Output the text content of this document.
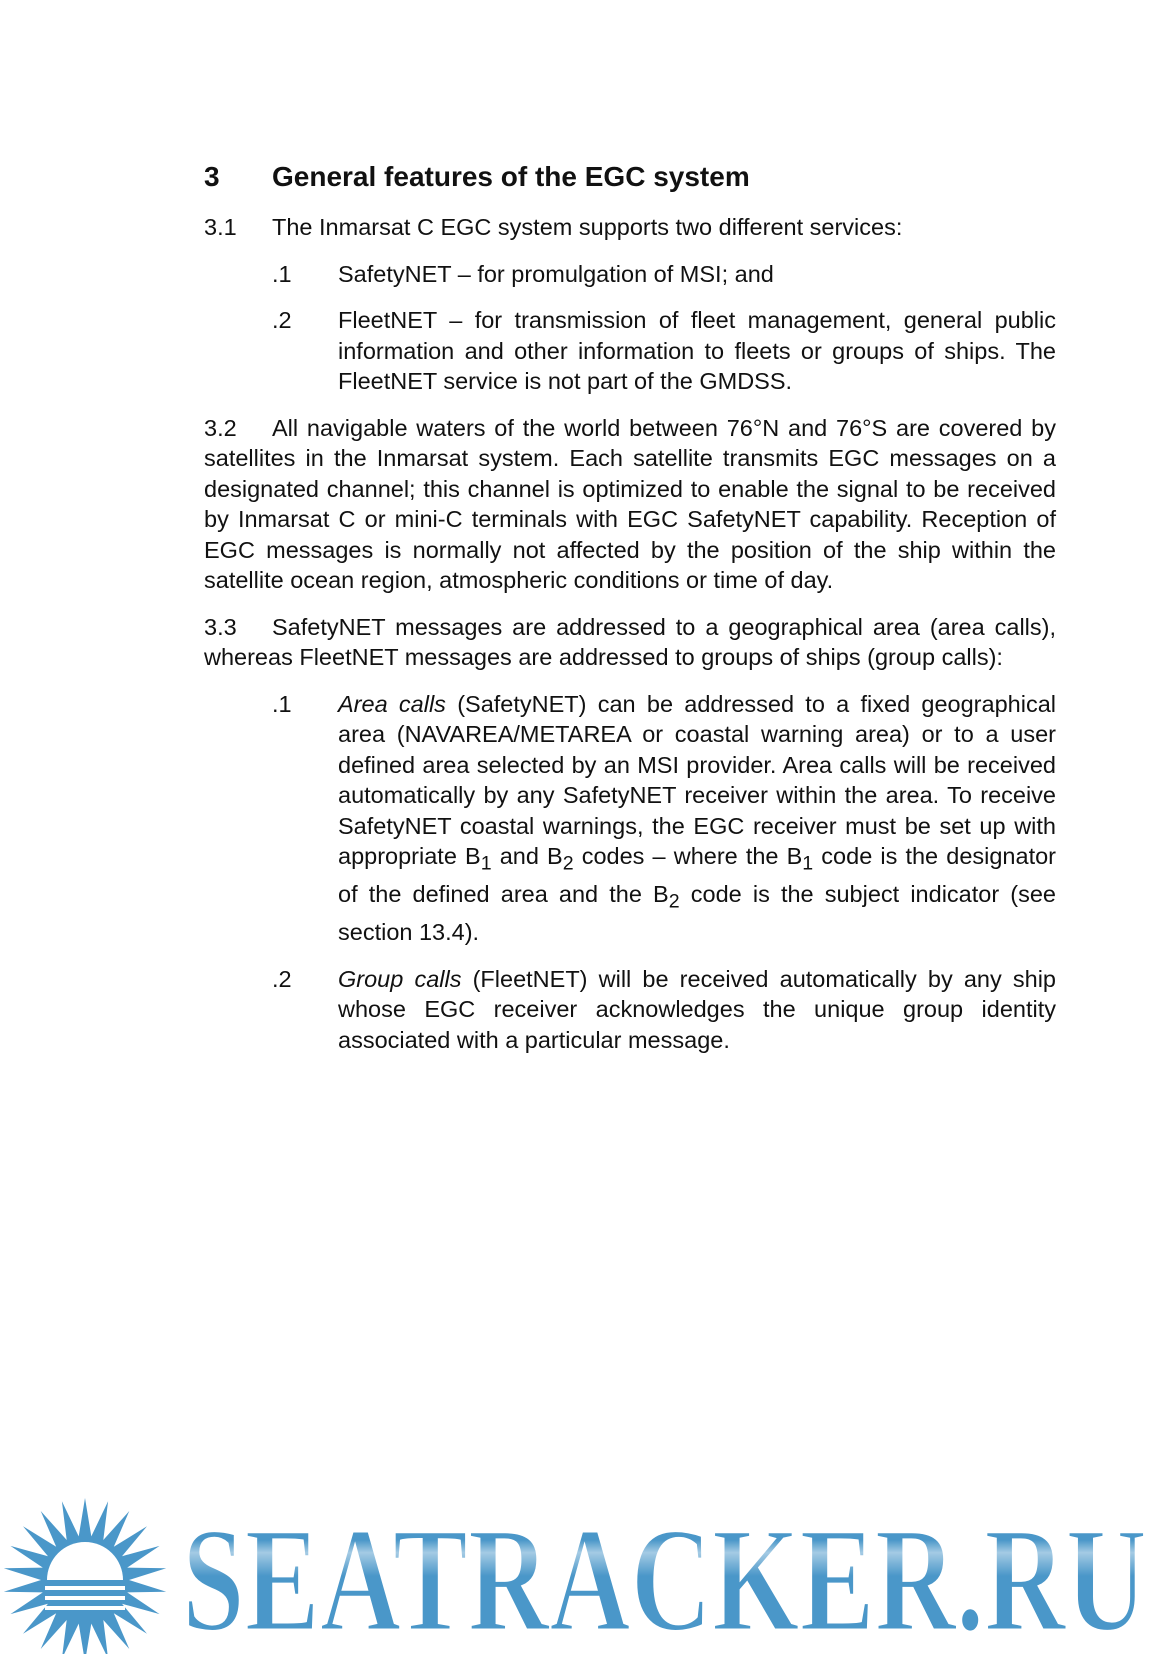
3	General features of the EGC system
3.1 The Inmarsat C EGC system supports two different services:
.1	SafetyNET – for promulgation of MSI; and
.2	FleetNET – for transmission of fleet management, general public information and other information to fleets or groups of ships. The FleetNET service is not part of the GMDSS.
3.2 All navigable waters of the world between 76°N and 76°S are covered by satellites in the Inmarsat system. Each satellite transmits EGC messages on a designated channel; this channel is optimized to enable the signal to be received by Inmarsat C or mini-C terminals with EGC SafetyNET capability. Reception of EGC messages is normally not affected by the position of the ship within the satellite ocean region, atmospheric conditions or time of day.
3.3 SafetyNET messages are addressed to a geographical area (area calls), whereas FleetNET messages are addressed to groups of ships (group calls):
.1	Area calls (SafetyNET) can be addressed to a fixed geographical area (NAVAREA/METAREA or coastal warning area) or to a user defined area selected by an MSI provider. Area calls will be received automatically by any SafetyNET receiver within the area. To receive SafetyNET coastal warnings, the EGC receiver must be set up with appropriate $B_1$ and $B_2$ codes – where the $B_1$ code is the designator of the defined area and the $B_2$ code is the subject indicator (see section 13.4).
.2	Group calls (FleetNET) will be received automatically by any ship whose EGC receiver acknowledges the unique group identity associated with a particular message.
